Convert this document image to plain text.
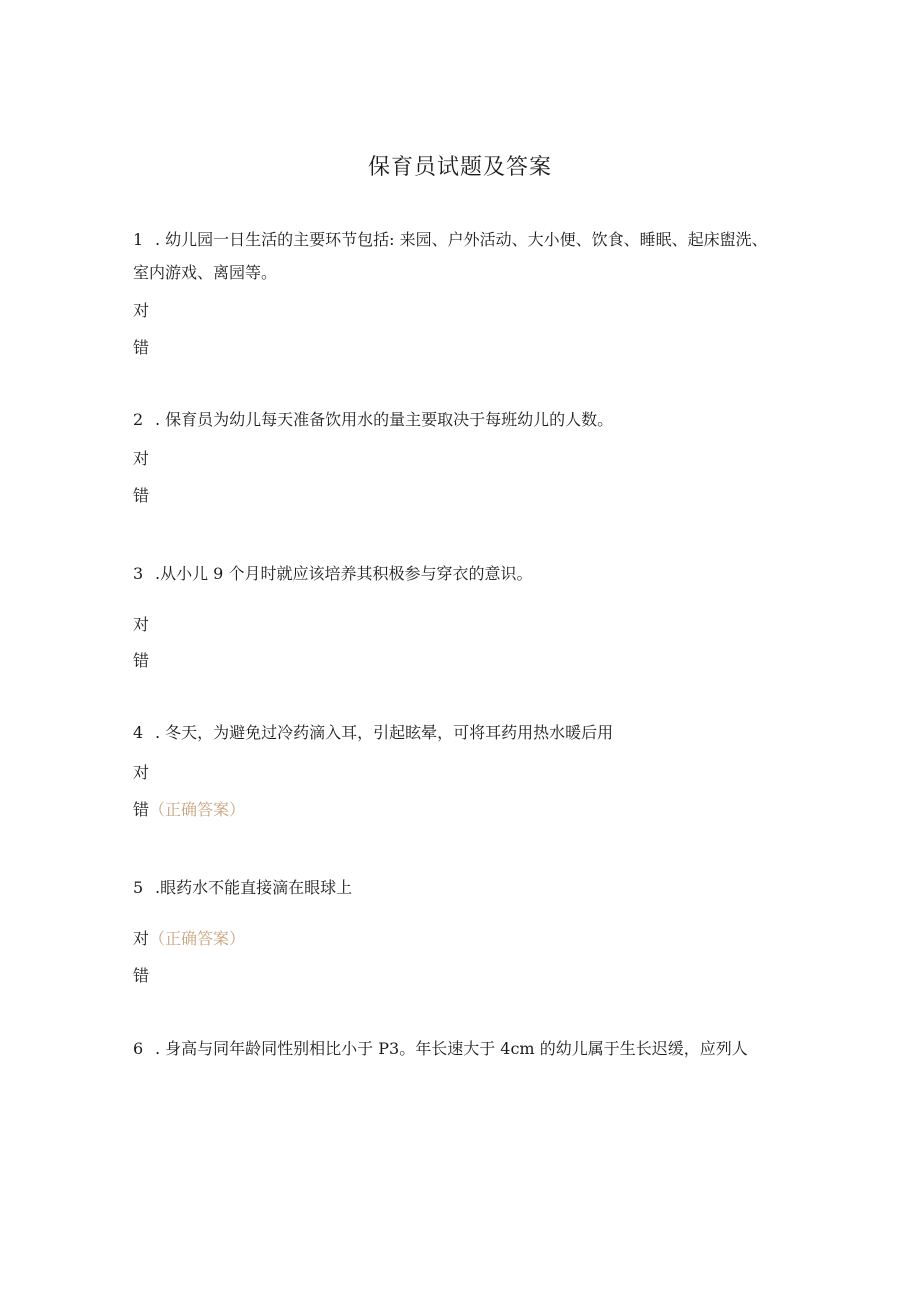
保育员试题及答案

1 . 幼儿园一日生活的主要环节包括: 来园、户外活动、大小便、饮食、睡眠、起床盥洗、室内游戏、离园等。

对

错

2 . 保育员为幼儿每天准备饮用水的量主要取决于每班幼儿的人数。

对

错

3 .从小儿 9 个月时就应该培养其积极参与穿衣的意识。

对

错

4 . 冬天，为避免过冷药滴入耳，引起眩晕，可将耳药用热水暖后用

对

错（正确答案）

5 .眼药水不能直接滴在眼球上

对（正确答案）

错

6 . 身高与同年龄同性别相比小于 P3。年长速大于 4cm 的幼儿属于生长迟缓，应列人
